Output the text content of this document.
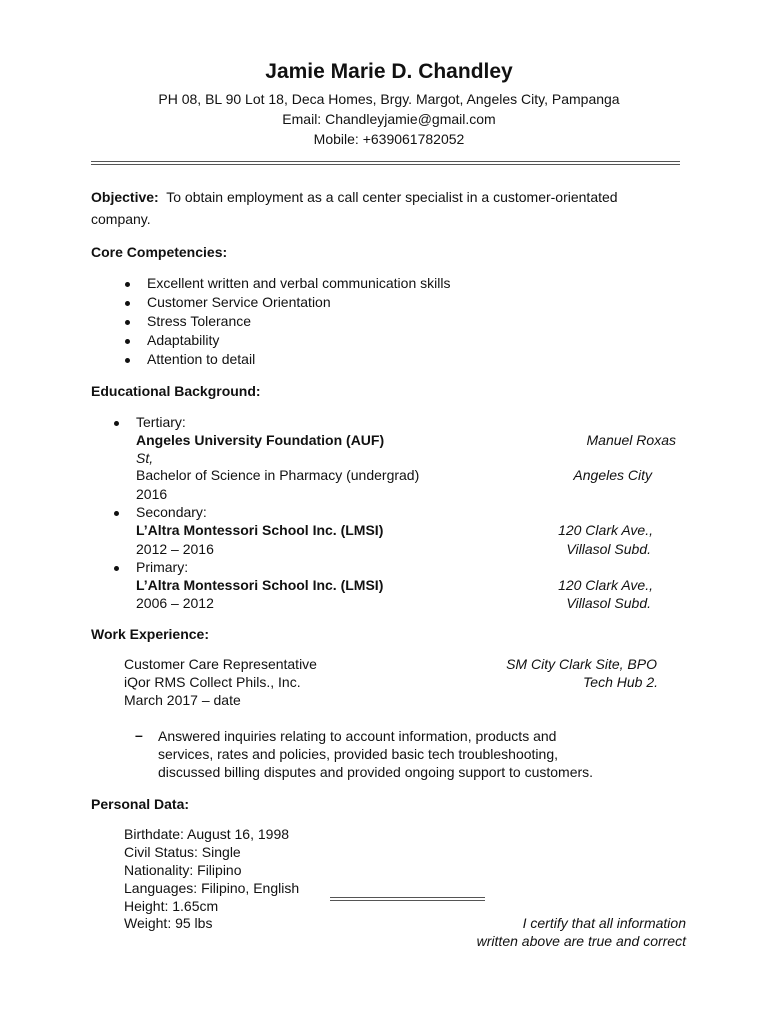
Jamie Marie D. Chandley
PH 08, BL 90 Lot 18, Deca Homes, Brgy. Margot, Angeles City, Pampanga
Email: Chandleyjamie@gmail.com
Mobile: +639061782052
Objective: To obtain employment as a call center specialist in a customer-orientated
company.
Core Competencies:
Excellent written and verbal communication skills
Customer Service Orientation
Stress Tolerance
Adaptability
Attention to detail
Educational Background:
Tertiary:
Angeles University Foundation (AUF)	Manuel Roxas
St,
Bachelor of Science in Pharmacy (undergrad)	Angeles City
2016
Secondary:
L’Altra Montessori School Inc. (LMSI)	120 Clark Ave.,
2012 – 2016	Villasol Subd.
Primary:
L’Altra Montessori School Inc. (LMSI)	120 Clark Ave.,
2006 – 2012	Villasol Subd.
Work Experience:
Customer Care Representative	SM City Clark Site, BPO
iQor RMS Collect Phils., Inc.	Tech Hub 2.
March 2017 – date
– Answered inquiries relating to account information, products and
services, rates and policies, provided basic tech troubleshooting,
discussed billing disputes and provided ongoing support to customers.
Personal Data:
Birthdate: August 16, 1998
Civil Status: Single
Nationality: Filipino
Languages: Filipino, English
Height: 1.65cm
Weight: 95 lbs	I certify that all information
written above are true and correct
